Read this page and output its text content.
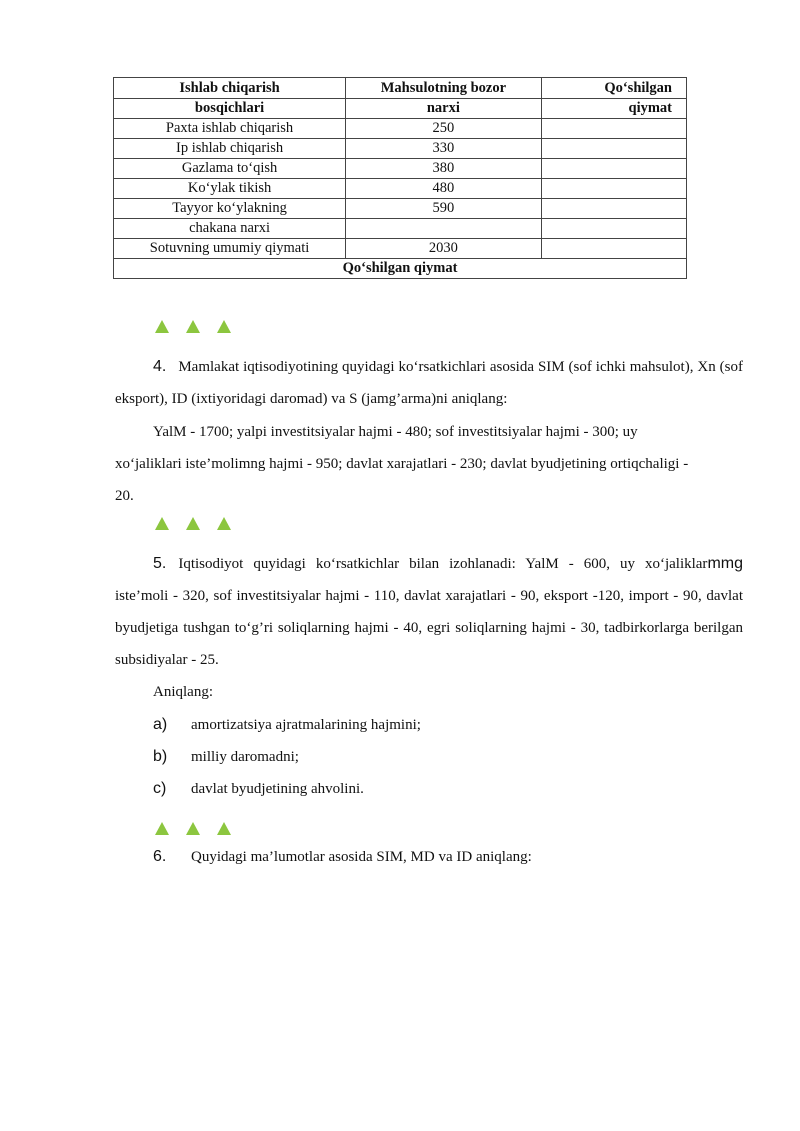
Ishlab chiqarish	Mahsulotning bozor	Qo‘shilgan
bosqichlari	narxi	qiymat
Paxta ishlab chiqarish	250	
Ip ishlab chiqarish	330	
Gazlama to‘qish	380	
Ko‘ylak tikish	480	
Tayyor ko‘ylakning	590	
chakana narxi		
Sotuvning umumiy qiymati	2030	
Qo‘shilgan qiymat		
4. Mamlakat iqtisodiyotining quyidagi ko‘rsatkichlari asosida SIM (sof ichki mahsulot), Xn (sof eksport), ID (ixtiyoridagi daromad) va S (jamg’arma)ni aniqlang:
YalM - 1700; yalpi investitsiyalar hajmi - 480; sof investitsiyalar hajmi - 300; uy
xo‘jaliklari iste’molimng hajmi - 950; davlat xarajatlari - 230; davlat byudjetining ortiqchaligi -
20.
5. Iqtisodiyot quyidagi ko‘rsatkichlar bilan izohlanadi: YalM - 600, uy xo‘jaliklarmmg iste’moli - 320, sof investitsiyalar hajmi - 110, davlat xarajatlari - 90, eksport -120, import - 90, davlat byudjetiga tushgan to‘g’ri soliqlarning hajmi - 40, egri soliqlarning hajmi - 30, tadbirkorlarga berilgan subsidiyalar - 25.
Aniqlang:
a) amortizatsiya ajratmalarining hajmini;
b) milliy daromadni;
c) davlat byudjetining ahvolini.
6. Quyidagi ma’lumotlar asosida SIM, MD va ID aniqlang:
